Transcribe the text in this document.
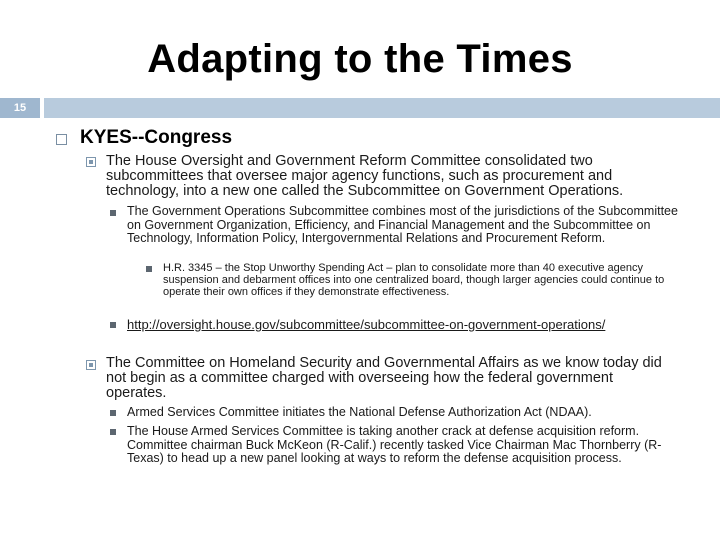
Adapting to the Times
15
KYES--Congress
The House Oversight and Government Reform Committee consolidated two subcommittees that oversee major agency functions, such as procurement and technology, into a new one called the Subcommittee on Government Operations.
The Government Operations Subcommittee combines most of the jurisdictions of the Subcommittee on Government Organization, Efficiency, and Financial Management and the Subcommittee on Technology, Information Policy, Intergovernmental Relations and Procurement Reform.
H.R. 3345 – the Stop Unworthy Spending Act – plan to consolidate more than 40 executive agency suspension and debarment offices into one centralized board, though larger agencies could continue to operate their own offices if they demonstrate effectiveness.
http://oversight.house.gov/subcommittee/subcommittee-on-government-operations/
The Committee on Homeland Security and Governmental Affairs as we know today did not begin as a committee charged with overseeing how the federal government operates.
Armed Services Committee initiates the National Defense Authorization Act (NDAA).
The House Armed Services Committee is taking another crack at defense acquisition reform. Committee chairman Buck McKeon (R-Calif.) recently tasked Vice Chairman Mac Thornberry (R-Texas) to head up a new panel looking at ways to reform the defense acquisition process.
